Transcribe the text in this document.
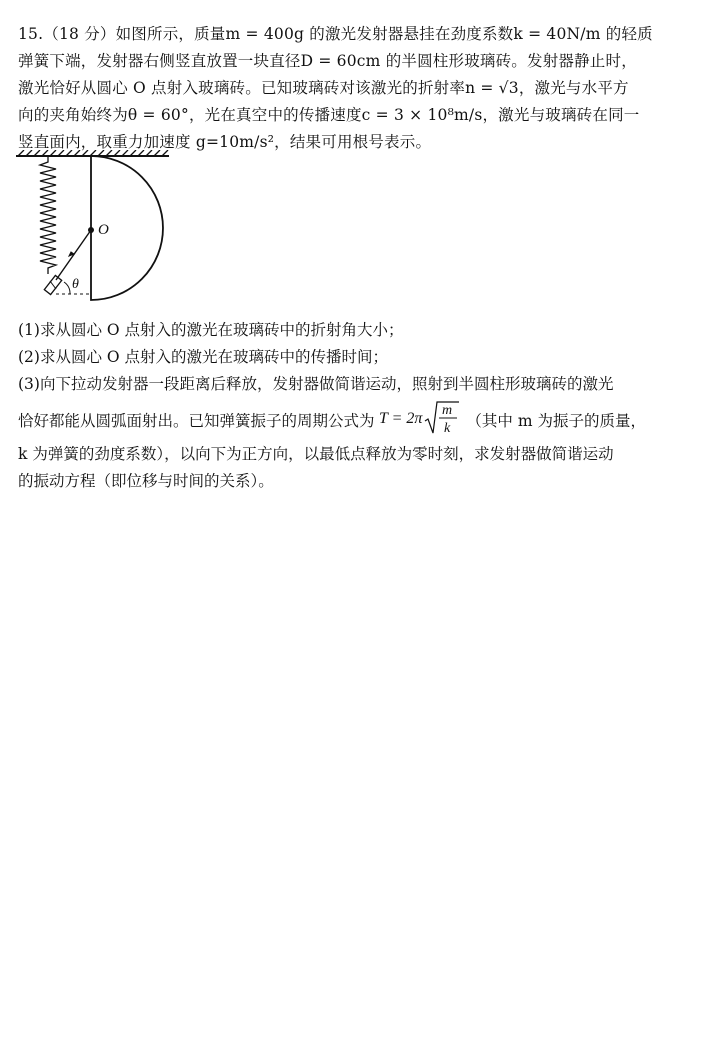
15.（18 分）如图所示，质量m = 400g 的激光发射器悬挂在劲度系数k = 40N/m 的轻质
弹簧下端，发射器右侧竖直放置一块直径D = 60cm 的半圆柱形玻璃砖。发射器静止时，
激光恰好从圆心 O 点射入玻璃砖。已知玻璃砖对该激光的折射率n = √3，激光与水平方
向的夹角始终为θ = 60°，光在真空中的传播速度c = 3 × 10⁸m/s，激光与玻璃砖在同一
竖直面内，取重力加速度 g=10m/s²，结果可用根号表示。
O
θ
(1)求从圆心 O 点射入的激光在玻璃砖中的折射角大小；
(2)求从圆心 O 点射入的激光在玻璃砖中的传播时间；
(3)向下拉动发射器一段距离后释放，发射器做简谐运动，照射到半圆柱形玻璃砖的激光
恰好都能从圆弧面射出。已知弹簧振子的周期公式为 T = 2π m
k （其中 m 为振子的质量，
k 为弹簧的劲度系数），以向下为正方向，以最低点释放为零时刻，求发射器做简谐运动
的振动方程（即位移与时间的关系）。
